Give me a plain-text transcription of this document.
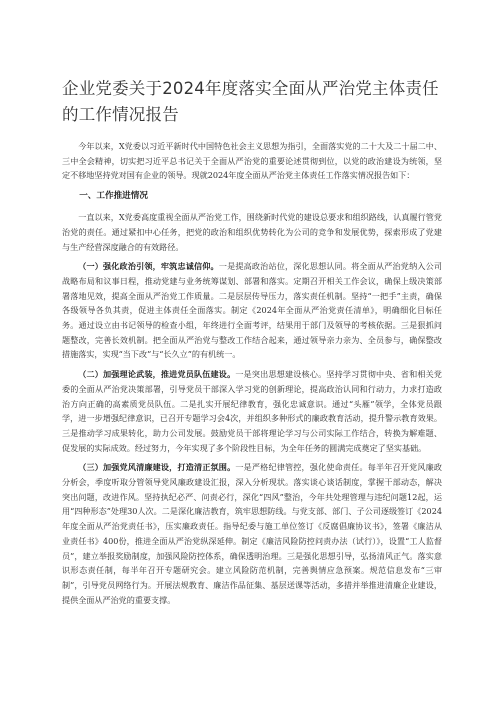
企业党委关于2024年度落实全面从严治党主体责任
的工作情况报告

今年以来，X党委以习近平新时代中国特色社会主义思想为指引，全面落实党的二十大及二十届二中、三中全会精神，切实把习近平总书记关于全面从严治党的重要论述贯彻到位，以党的政治建设为统领，坚定不移地坚持党对国有企业的领导。现就2024年度全面从严治党主体责任工作落实情况报告如下：

一、工作推进情况

一直以来，X党委高度重视全面从严治党工作，围绕新时代党的建设总要求和组织路线，认真履行管党治党的责任。通过紧扣中心任务，把党的政治和组织优势转化为公司的竞争和发展优势，探索形成了党建与生产经营深度融合的有效路径。

（一）强化政治引领，牢筑忠诚信仰。一是提高政治站位，深化思想认同。将全面从严治党纳入公司战略布局和议事日程，推动党建与业务统筹谋划、部署和落实。定期召开相关工作会议，确保上级决策部署落地见效，提高全面从严治党工作质量。二是层层传导压力，落实责任机制。坚持“一把手”主责，确保各级领导各负其责，促进主体责任全面落实。制定《2024年全面从严治党责任清单》，明确细化目标任务。通过设立由书记领导的检查小组，年终进行全面考评，结果用于部门及领导的考核依据。三是狠抓问题整改，完善长效机制。把全面从严治党与整改工作结合起来，通过领导亲力亲为、全员参与，确保整改措施落实，实现“当下改”与“长久立”的有机统一。

（二）加强理论武装，推进党员队伍建设。一是突出思想建设核心。坚持学习贯彻中央、省和相关党委的全面从严治党决策部署，引导党员干部深入学习党的创新理论，提高政治认同和行动力，力求打造政治方向正确的高素质党员队伍。二是扎实开展纪律教育，强化忠诚意识。通过“头雁”领学，全体党员跟学，进一步增强纪律意识，已召开专题学习会4次，并组织多种形式的廉政教育活动，提升警示教育效果。三是推动学习成果转化，助力公司发展。鼓励党员干部将理论学习与公司实际工作结合，转换为解难题、促发展的实际成效。经过努力，今年实现了多个阶段性目标，为全年任务的圆满完成奠定了坚实基础。

（三）加强党风清廉建设，打造清正氛围。一是严格纪律管控，强化使命责任。每半年召开党风廉政分析会，季度听取分管领导党风廉政建设汇报，深入分析现状。落实谈心谈话制度，掌握干部动态，解决突出问题，改进作风。坚持执纪必严、问责必行，深化“四风”整治，今年共处理管理与违纪问题12起，运用“四种形态”处理30人次。二是深化廉洁教育，筑牢思想防线。与党支部、部门、子公司逐级签订《2024年度全面从严治党责任书》，压实廉政责任。指导纪委与施工单位签订《反腐倡廉协议书》，签署《廉洁从业责任书》400份，推进全面从严治党纵深延伸。制定《廉洁风险防控问责办法（试行）》，设置“工人监督员”，建立举报奖励制度，加强风险防控体系，确保透明治理。三是强化思想引导，弘扬清风正气。落实意识形态责任制，每半年召开专题研究会。建立风险防范机制，完善舆情应急预案。规范信息发布“三审制”，引导党员网络行为。开展法规教育、廉洁作品征集、基层送课等活动，多措并举推进清廉企业建设，提供全面从严治党的重要支撑。
